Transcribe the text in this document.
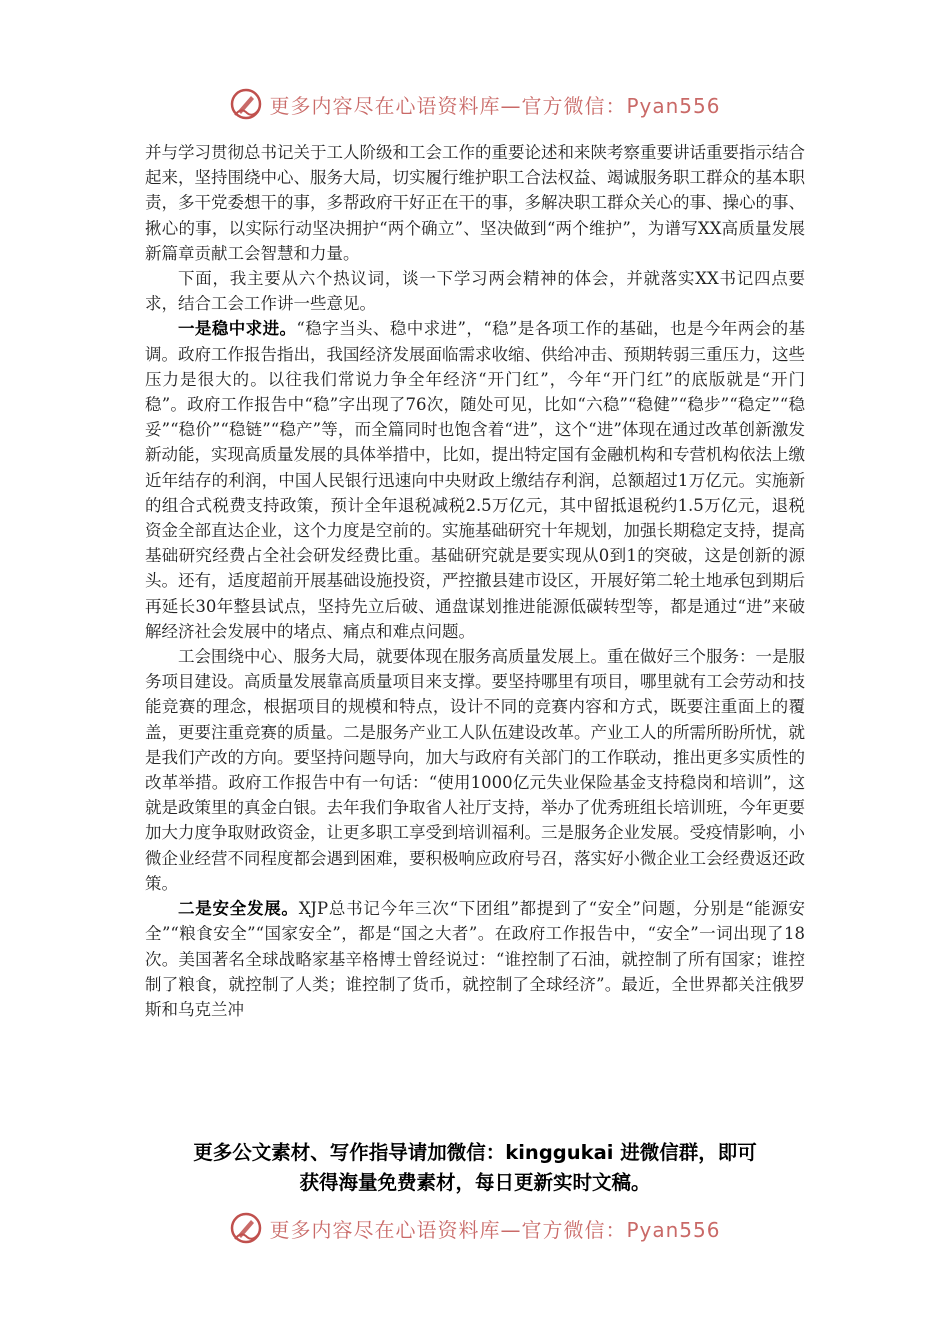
更多内容尽在心语资料库—官方微信：Pyan556

并与学习贯彻总书记关于工人阶级和工会工作的重要论述和来陕考察重要讲话重要指示结合起来，坚持围绕中心、服务大局，切实履行维护职工合法权益、竭诚服务职工群众的基本职责，多干党委想干的事，多帮政府干好正在干的事，多解决职工群众关心的事、操心的事、揪心的事，以实际行动坚决拥护“两个确立”、坚决做到“两个维护”，为谱写XX高质量发展新篇章贡献工会智慧和力量。

下面，我主要从六个热议词，谈一下学习两会精神的体会，并就落实XX书记四点要求，结合工会工作讲一些意见。

一是稳中求进。“稳字当头、稳中求进”，“稳”是各项工作的基础，也是今年两会的基调。政府工作报告指出，我国经济发展面临需求收缩、供给冲击、预期转弱三重压力，这些压力是很大的。以往我们常说力争全年经济“开门红”，今年“开门红”的底版就是“开门稳”。政府工作报告中“稳”字出现了76次，随处可见，比如“六稳”“稳健”“稳步”“稳定”“稳妥”“稳价”“稳链”“稳产”等，而全篇同时也饱含着“进”，这个“进”体现在通过改革创新激发新动能，实现高质量发展的具体举措中，比如，提出特定国有金融机构和专营机构依法上缴近年结存的利润，中国人民银行迅速向中央财政上缴结存利润，总额超过1万亿元。实施新的组合式税费支持政策，预计全年退税减税2.5万亿元，其中留抵退税约1.5万亿元，退税资金全部直达企业，这个力度是空前的。实施基础研究十年规划，加强长期稳定支持，提高基础研究经费占全社会研发经费比重。基础研究就是要实现从0到1的突破，这是创新的源头。还有，适度超前开展基础设施投资，严控撤县建市设区，开展好第二轮土地承包到期后再延长30年整县试点，坚持先立后破、通盘谋划推进能源低碳转型等，都是通过“进”来破解经济社会发展中的堵点、痛点和难点问题。

工会围绕中心、服务大局，就要体现在服务高质量发展上。重在做好三个服务：一是服务项目建设。高质量发展靠高质量项目来支撑。要坚持哪里有项目，哪里就有工会劳动和技能竞赛的理念，根据项目的规模和特点，设计不同的竞赛内容和方式，既要注重面上的覆盖，更要注重竞赛的质量。二是服务产业工人队伍建设改革。产业工人的所需所盼所忧，就是我们产改的方向。要坚持问题导向，加大与政府有关部门的工作联动，推出更多实质性的改革举措。政府工作报告中有一句话：“使用1000亿元失业保险基金支持稳岗和培训”，这就是政策里的真金白银。去年我们争取省人社厅支持，举办了优秀班组长培训班，今年更要加大力度争取财政资金，让更多职工享受到培训福利。三是服务企业发展。受疫情影响，小微企业经营不同程度都会遇到困难，要积极响应政府号召，落实好小微企业工会经费返还政策。

二是安全发展。XJP总书记今年三次“下团组”都提到了“安全”问题，分别是“能源安全”“粮食安全”“国家安全”，都是“国之大者”。在政府工作报告中，“安全”一词出现了18次。美国著名全球战略家基辛格博士曾经说过：“谁控制了石油，就控制了所有国家；谁控制了粮食，就控制了人类；谁控制了货币，就控制了全球经济”。最近，全世界都关注俄罗斯和乌克兰冲

更多公文素材、写作指导请加微信：kinggukai 进微信群，即可
获得海量免费素材，每日更新实时文稿。
更多内容尽在心语资料库—官方微信：Pyan556
